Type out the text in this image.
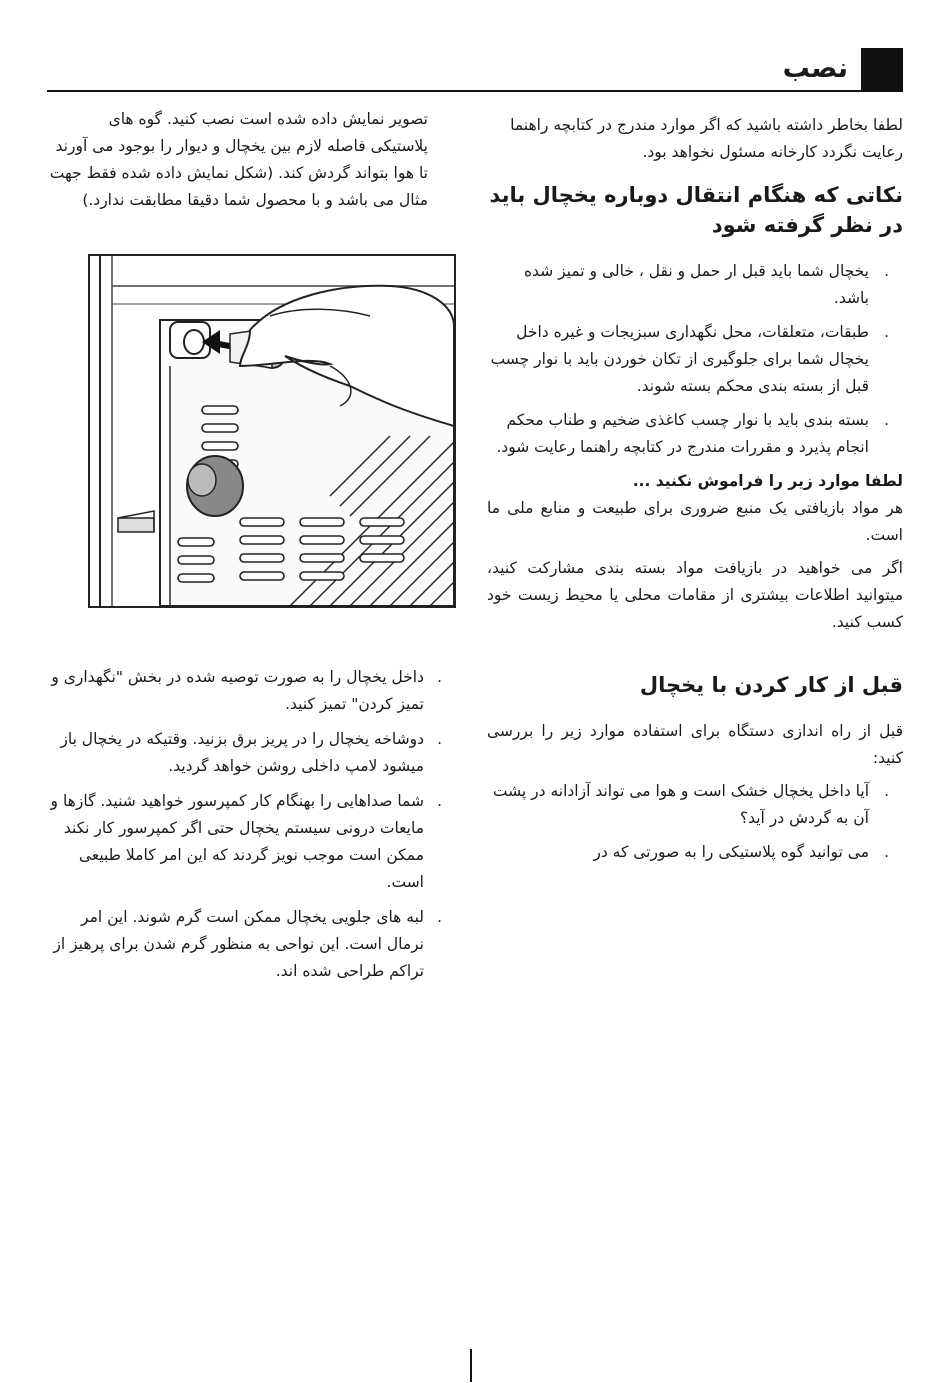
نصب

لطفا بخاطر داشته باشید که اگر موارد مندرج در کتابچه راهنما رعایت نگردد کارخانه مسئول نخواهد بود.

نکاتی که هنگام انتقال دوباره یخچال باید در نظر گرفته شود
.
یخچال شما باید قبل ار حمل و نقل ، خالی و تمیز شده باشد.
.
طبقات، متعلقات، محل نگهداری سبزیجات و غیره داخل یخچال شما برای جلوگیری از تکان خوردن باید با نوار چسب قبل از بسته بندی محکم بسته شوند.
.
بسته بندی باید با نوار چسب کاغذی ضخیم و طناب محکم انجام پذیرد و مقررات مندرج در کتابچه راهنما رعایت شود.
لطفا موارد زیر را فراموش نکنید ...

هر مواد بازیافتی یک منبع ضروری برای طبیعت و منابع ملی ما است.

اگر می خواهید در بازیافت مواد بسته بندی مشارکت کنید، میتوانید اطلاعات بیشتری از مقامات محلی یا محیط زیست خود کسب کنید.

قبل از کار کردن با یخچال

قبل از راه اندازی دستگاه برای استفاده موارد زیر را بررسی کنید:

.
آیا داخل یخچال خشک است و هوا می تواند آزادانه در پشت آن به گردش در آید؟
.
می توانید گوه پلاستیکی را به صورتی که در

تصویر نمایش داده شده است نصب کنید. گوه های پلاستیکی فاصله لازم بین یخچال و دیوار را بوجود می آورند تا هوا بتواند گردش کند. (شکل نمایش داده شده فقط جهت مثال می باشد و با محصول شما دقیقا مطابقت ندارد.)

.
داخل یخچال را به صورت توصیه شده در بخش "نگهداری و تمیز کردن" تمیز کنید.
.
دوشاخه یخچال را در پریز برق بزنید. وقتیکه در یخچال باز میشود لامپ داخلی روشن خواهد گردید.
.
شما صداهایی را بهنگام کار کمپرسور خواهید شنید. گازها و مایعات درونی سیستم یخچال حتی اگر کمپرسور کار نکند ممکن است موجب نویز گردند که این امر کاملا طبیعی است.
.
لبه های جلویی یخچال ممکن است گرم شوند. این امر نرمال است. این نواحی به منظور گرم شدن برای پرهیز از تراکم طراحی شده اند.
